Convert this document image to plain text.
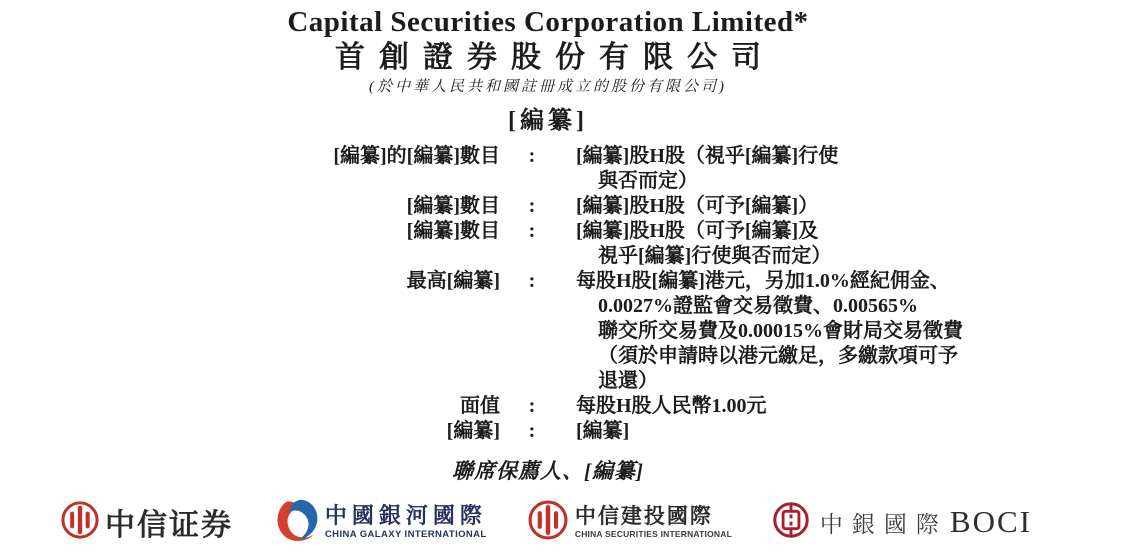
Capital Securities Corporation Limited*
首創證券股份有限公司
(於中華人民共和國註冊成立的股份有限公司)
[編纂]
[編纂]的[編纂]數目	:	[編纂]股H股（視乎[編纂]行使
與否而定）
[編纂]數目	:	[編纂]股H股（可予[編纂]）
[編纂]數目	:	[編纂]股H股（可予[編纂]及
視乎[編纂]行使與否而定）
最高[編纂]	:	每股H股[編纂]港元，另加1.0%經紀佣金、
0.0027%證監會交易徵費、0.00565%
聯交所交易費及0.00015%會財局交易徵費
（須於申請時以港元繳足，多繳款項可予
退還）
面值	:	每股H股人民幣1.00元
[編纂]	:	[編纂]
聯席保薦人、[編纂]
中信证券	中國銀河國際
CHINA GALAXY INTERNATIONAL
中信建投國際
CHINA SECURITIES INTERNATIONAL	中銀國際 BOCI
